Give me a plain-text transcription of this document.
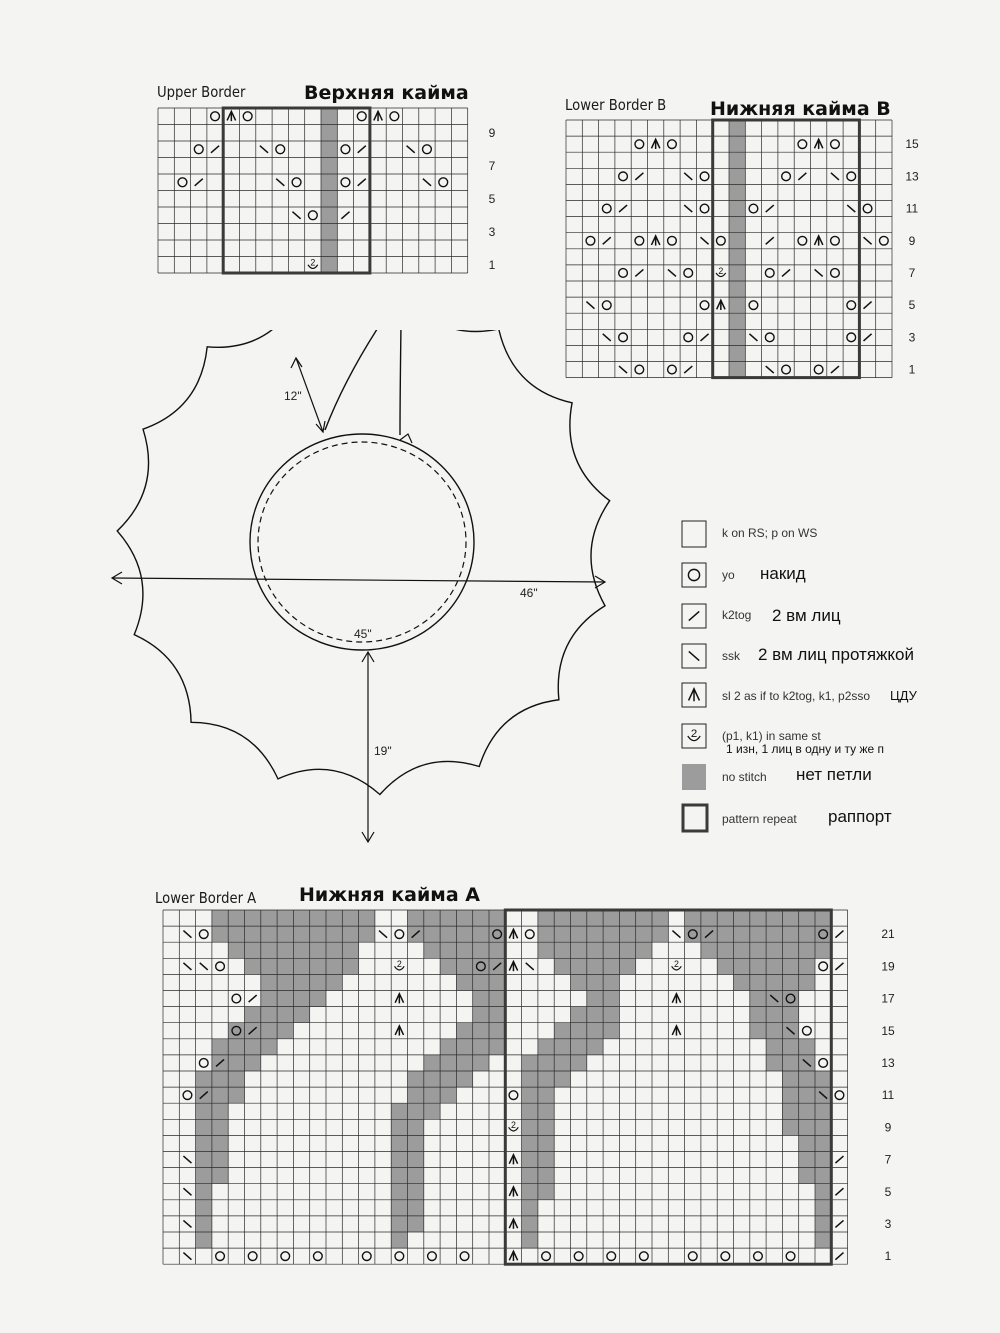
Upper Border	Верхняя кайма
2
9
7
5
3
1
Lower Border B Нижняя кайма В
2
15
13
11
9
7
5
3
1
12"
46"
45"
19"
k on RS; p on WS
yo накид
k2tog 2 вм лиц
ssk 2 вм лиц протяжкой
sl 2 as if to k2tog, k1, p2sso ЦДУ
2 (p1, k1) in same st
1 изн, 1 лиц в одну и ту же п
no stitch нет петли
pattern repeat раппорт
Lower Border A Нижняя кайма А
2	2
2
21
19
17
15
13
11
9
7
5
3
1
